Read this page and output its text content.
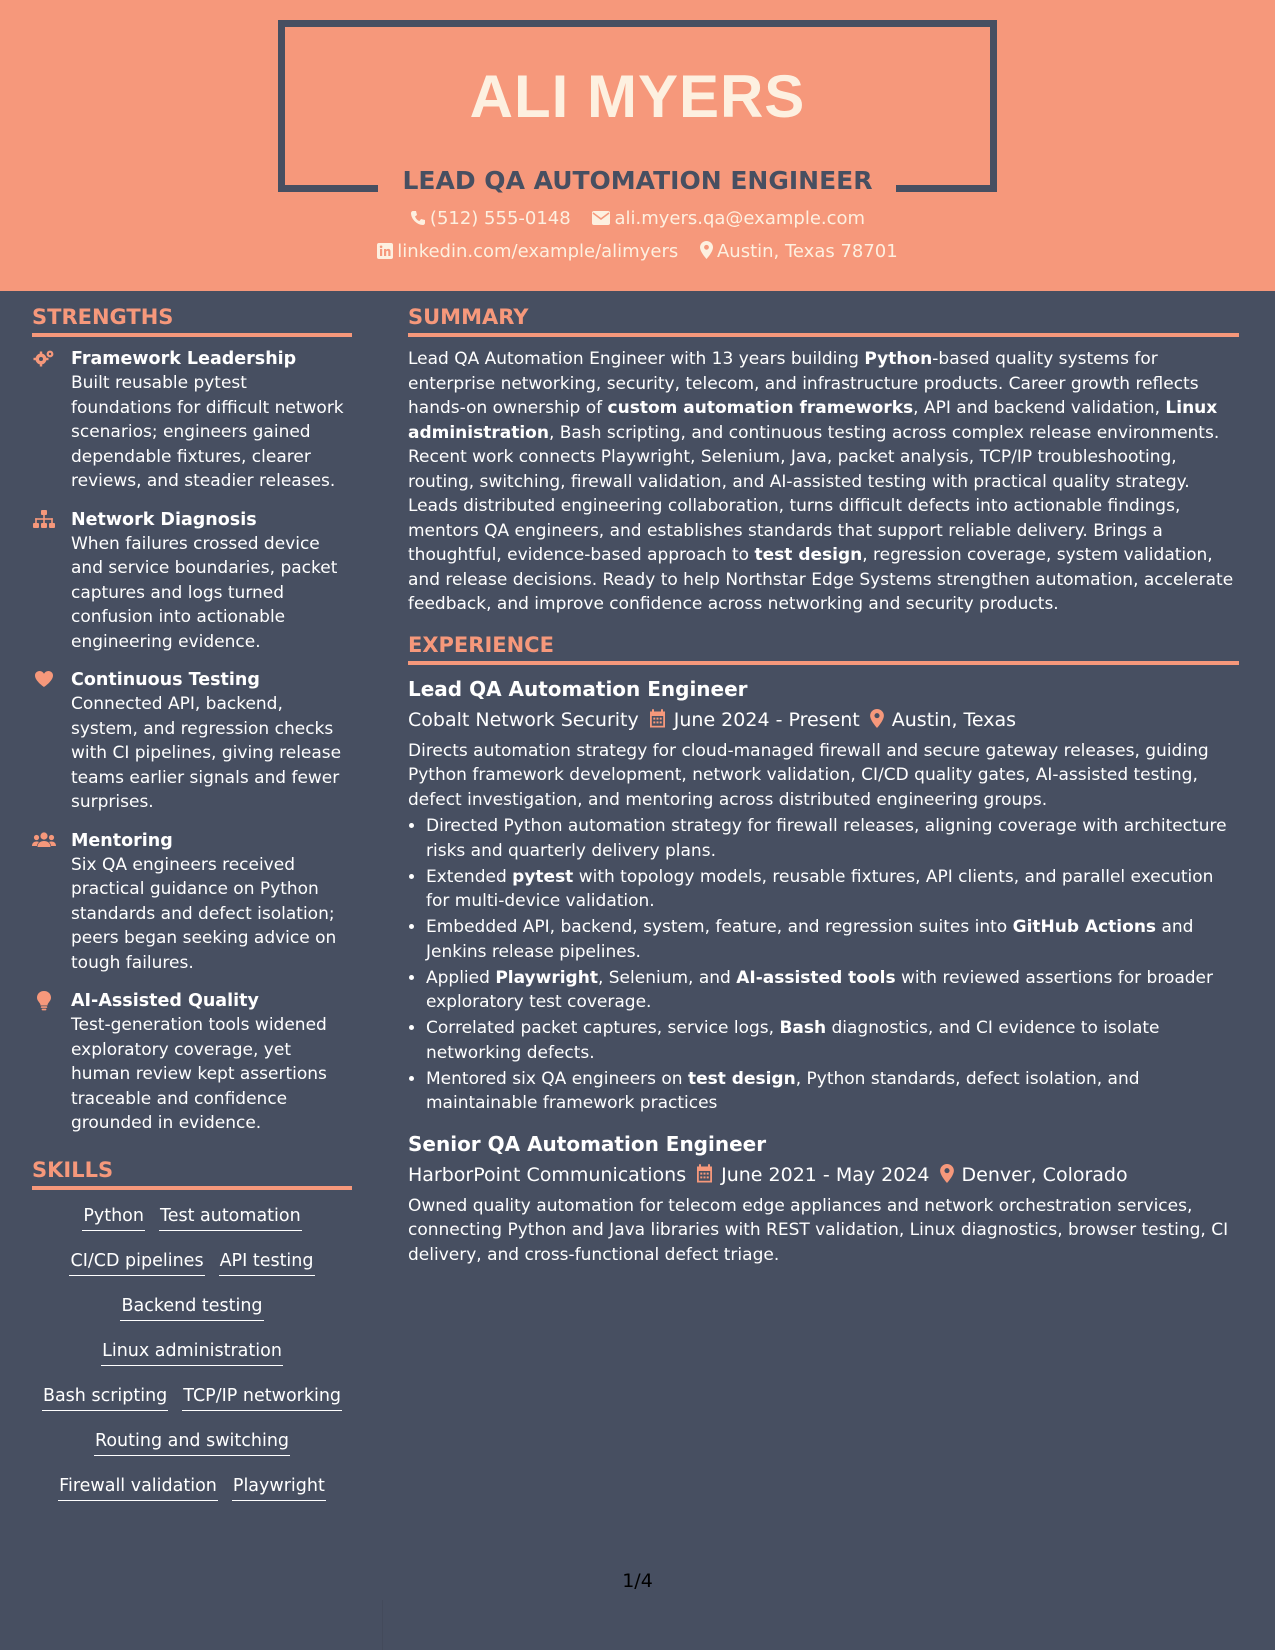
ALI MYERS
LEAD QA AUTOMATION ENGINEER
(512) 555-0148 ali.myers.qa@example.com
linkedin.com/example/alimyers Austin, Texas 78701
STRENGTHS
Framework Leadership
Built reusable pytest foundations for difficult network scenarios; engineers gained dependable fixtures, clearer reviews, and steadier releases.
Network Diagnosis
When failures crossed device and service boundaries, packet captures and logs turned confusion into actionable engineering evidence.
Continuous Testing
Connected API, backend, system, and regression checks with CI pipelines, giving release teams earlier signals and fewer surprises.
Mentoring
Six QA engineers received practical guidance on Python standards and defect isolation; peers began seeking advice on tough failures.
AI-Assisted Quality
Test-generation tools widened exploratory coverage, yet human review kept assertions traceable and confidence grounded in evidence.
SKILLS
Python Test automation
CI/CD pipelines API testing
Backend testing
Linux administration
Bash scripting TCP/IP networking
Routing and switching
Firewall validation Playwright
SUMMARY

Lead QA Automation Engineer with 13 years building Python-based quality systems for enterprise networking, security, telecom, and infrastructure products. Career growth reflects hands-on ownership of custom automation frameworks, API and backend validation, Linux administration, Bash scripting, and continuous testing across complex release environments. Recent work connects Playwright, Selenium, Java, packet analysis, TCP/IP troubleshooting, routing, switching, firewall validation, and AI-assisted testing with practical quality strategy. Leads distributed engineering collaboration, turns difficult defects into actionable findings, mentors QA engineers, and establishes standards that support reliable delivery. Brings a thoughtful, evidence-based approach to test design, regression coverage, system validation, and release decisions. Ready to help Northstar Edge Systems strengthen automation, accelerate feedback, and improve confidence across networking and security products.

EXPERIENCE
Lead QA Automation Engineer
Cobalt Network Security June 2024 - Present Austin, Texas

Directs automation strategy for cloud-managed firewall and secure gateway releases, guiding Python framework development, network validation, CI/CD quality gates, AI-assisted testing, defect investigation, and mentoring across distributed engineering groups.

• Directed Python automation strategy for firewall releases, aligning coverage with architecture risks and quarterly delivery plans.
• Extended pytest with topology models, reusable fixtures, API clients, and parallel execution for multi-device validation.
• Embedded API, backend, system, feature, and regression suites into GitHub Actions and Jenkins release pipelines.
• Applied Playwright, Selenium, and AI-assisted tools with reviewed assertions for broader exploratory test coverage.
• Correlated packet captures, service logs, Bash diagnostics, and CI evidence to isolate networking defects.
• Mentored six QA engineers on test design, Python standards, defect isolation, and maintainable framework practices
Senior QA Automation Engineer
HarborPoint Communications June 2021 - May 2024 Denver, Colorado

Owned quality automation for telecom edge appliances and network orchestration services, connecting Python and Java libraries with REST validation, Linux diagnostics, browser testing, CI delivery, and cross-functional defect triage.

1/4
